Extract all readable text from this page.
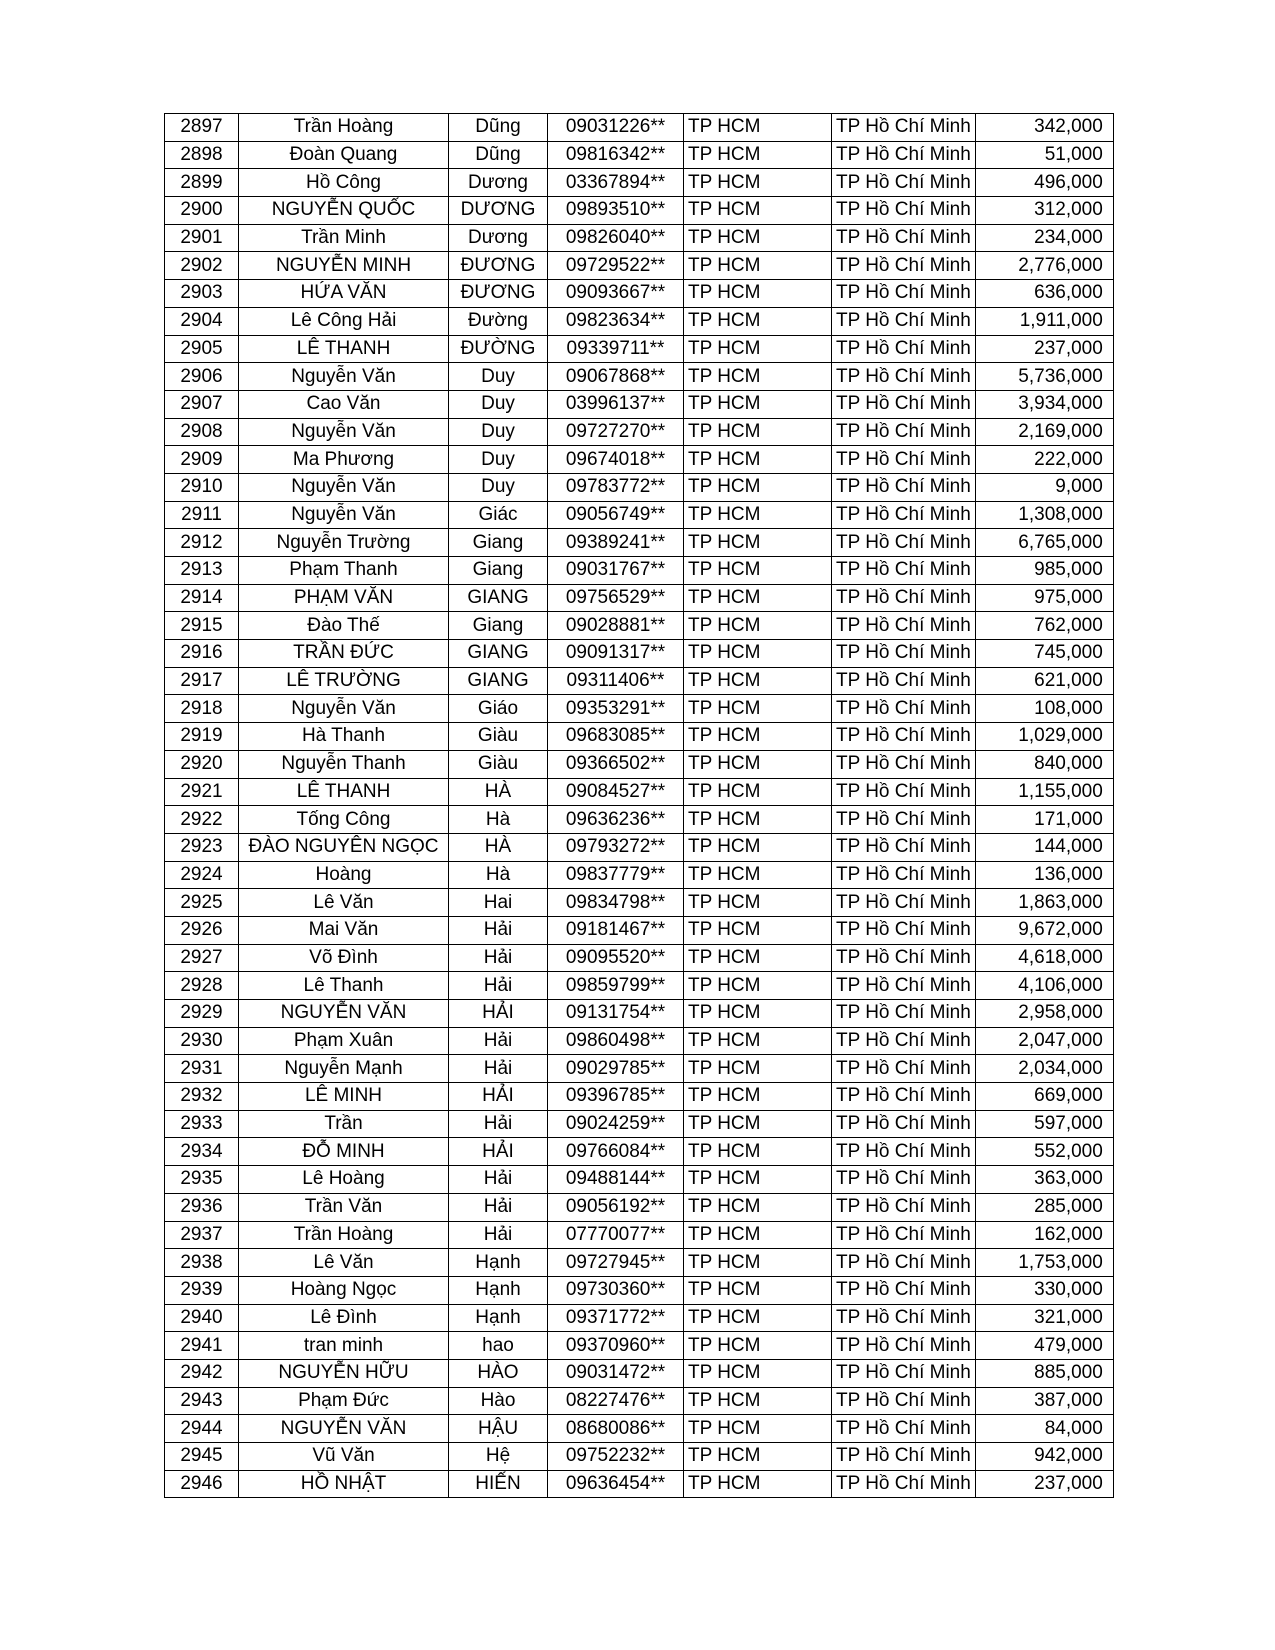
2897	Trần Hoàng	Dũng	09031226**	TP HCM	TP Hồ Chí Minh	342,000
2898	Đoàn Quang	Dũng	09816342**	TP HCM	TP Hồ Chí Minh	51,000
2899	Hồ Công	Dương	03367894**	TP HCM	TP Hồ Chí Minh	496,000
2900	NGUYỄN QUỐC	DƯƠNG	09893510**	TP HCM	TP Hồ Chí Minh	312,000
2901	Trần Minh	Dương	09826040**	TP HCM	TP Hồ Chí Minh	234,000
2902	NGUYỄN MINH	ĐƯƠNG	09729522**	TP HCM	TP Hồ Chí Minh	2,776,000
2903	HỨA VĂN	ĐƯƠNG	09093667**	TP HCM	TP Hồ Chí Minh	636,000
2904	Lê Công Hải	Đường	09823634**	TP HCM	TP Hồ Chí Minh	1,911,000
2905	LÊ THANH	ĐƯỜNG	09339711**	TP HCM	TP Hồ Chí Minh	237,000
2906	Nguyễn Văn	Duy	09067868**	TP HCM	TP Hồ Chí Minh	5,736,000
2907	Cao Văn	Duy	03996137**	TP HCM	TP Hồ Chí Minh	3,934,000
2908	Nguyễn Văn	Duy	09727270**	TP HCM	TP Hồ Chí Minh	2,169,000
2909	Ma Phương	Duy	09674018**	TP HCM	TP Hồ Chí Minh	222,000
2910	Nguyễn Văn	Duy	09783772**	TP HCM	TP Hồ Chí Minh	9,000
2911	Nguyễn Văn	Giác	09056749**	TP HCM	TP Hồ Chí Minh	1,308,000
2912	Nguyễn Trường	Giang	09389241**	TP HCM	TP Hồ Chí Minh	6,765,000
2913	Phạm Thanh	Giang	09031767**	TP HCM	TP Hồ Chí Minh	985,000
2914	PHẠM VĂN	GIANG	09756529**	TP HCM	TP Hồ Chí Minh	975,000
2915	Đào Thế	Giang	09028881**	TP HCM	TP Hồ Chí Minh	762,000
2916	TRẦN ĐỨC	GIANG	09091317**	TP HCM	TP Hồ Chí Minh	745,000
2917	LÊ TRƯỜNG	GIANG	09311406**	TP HCM	TP Hồ Chí Minh	621,000
2918	Nguyễn Văn	Giáo	09353291**	TP HCM	TP Hồ Chí Minh	108,000
2919	Hà Thanh	Giàu	09683085**	TP HCM	TP Hồ Chí Minh	1,029,000
2920	Nguyễn Thanh	Giàu	09366502**	TP HCM	TP Hồ Chí Minh	840,000
2921	LÊ THANH	HÀ	09084527**	TP HCM	TP Hồ Chí Minh	1,155,000
2922	Tống Công	Hà	09636236**	TP HCM	TP Hồ Chí Minh	171,000
2923	ĐÀO NGUYÊN NGỌC	HÀ	09793272**	TP HCM	TP Hồ Chí Minh	144,000
2924	Hoàng	Hà	09837779**	TP HCM	TP Hồ Chí Minh	136,000
2925	Lê Văn	Hai	09834798**	TP HCM	TP Hồ Chí Minh	1,863,000
2926	Mai Văn	Hải	09181467**	TP HCM	TP Hồ Chí Minh	9,672,000
2927	Võ Đình	Hải	09095520**	TP HCM	TP Hồ Chí Minh	4,618,000
2928	Lê Thanh	Hải	09859799**	TP HCM	TP Hồ Chí Minh	4,106,000
2929	NGUYỄN VĂN	HẢI	09131754**	TP HCM	TP Hồ Chí Minh	2,958,000
2930	Phạm Xuân	Hải	09860498**	TP HCM	TP Hồ Chí Minh	2,047,000
2931	Nguyễn Mạnh	Hải	09029785**	TP HCM	TP Hồ Chí Minh	2,034,000
2932	LÊ MINH	HẢI	09396785**	TP HCM	TP Hồ Chí Minh	669,000
2933	Trần	Hải	09024259**	TP HCM	TP Hồ Chí Minh	597,000
2934	ĐỖ MINH	HẢI	09766084**	TP HCM	TP Hồ Chí Minh	552,000
2935	Lê Hoàng	Hải	09488144**	TP HCM	TP Hồ Chí Minh	363,000
2936	Trần Văn	Hải	09056192**	TP HCM	TP Hồ Chí Minh	285,000
2937	Trần Hoàng	Hải	07770077**	TP HCM	TP Hồ Chí Minh	162,000
2938	Lê Văn	Hạnh	09727945**	TP HCM	TP Hồ Chí Minh	1,753,000
2939	Hoàng Ngọc	Hạnh	09730360**	TP HCM	TP Hồ Chí Minh	330,000
2940	Lê Đình	Hạnh	09371772**	TP HCM	TP Hồ Chí Minh	321,000
2941	tran minh	hao	09370960**	TP HCM	TP Hồ Chí Minh	479,000
2942	NGUYỄN HỮU	HÀO	09031472**	TP HCM	TP Hồ Chí Minh	885,000
2943	Phạm Đức	Hào	08227476**	TP HCM	TP Hồ Chí Minh	387,000
2944	NGUYỄN VĂN	HẬU	08680086**	TP HCM	TP Hồ Chí Minh	84,000
2945	Vũ Văn	Hệ	09752232**	TP HCM	TP Hồ Chí Minh	942,000
2946	HỒ NHẬT	HIẾN	09636454**	TP HCM	TP Hồ Chí Minh	237,000
